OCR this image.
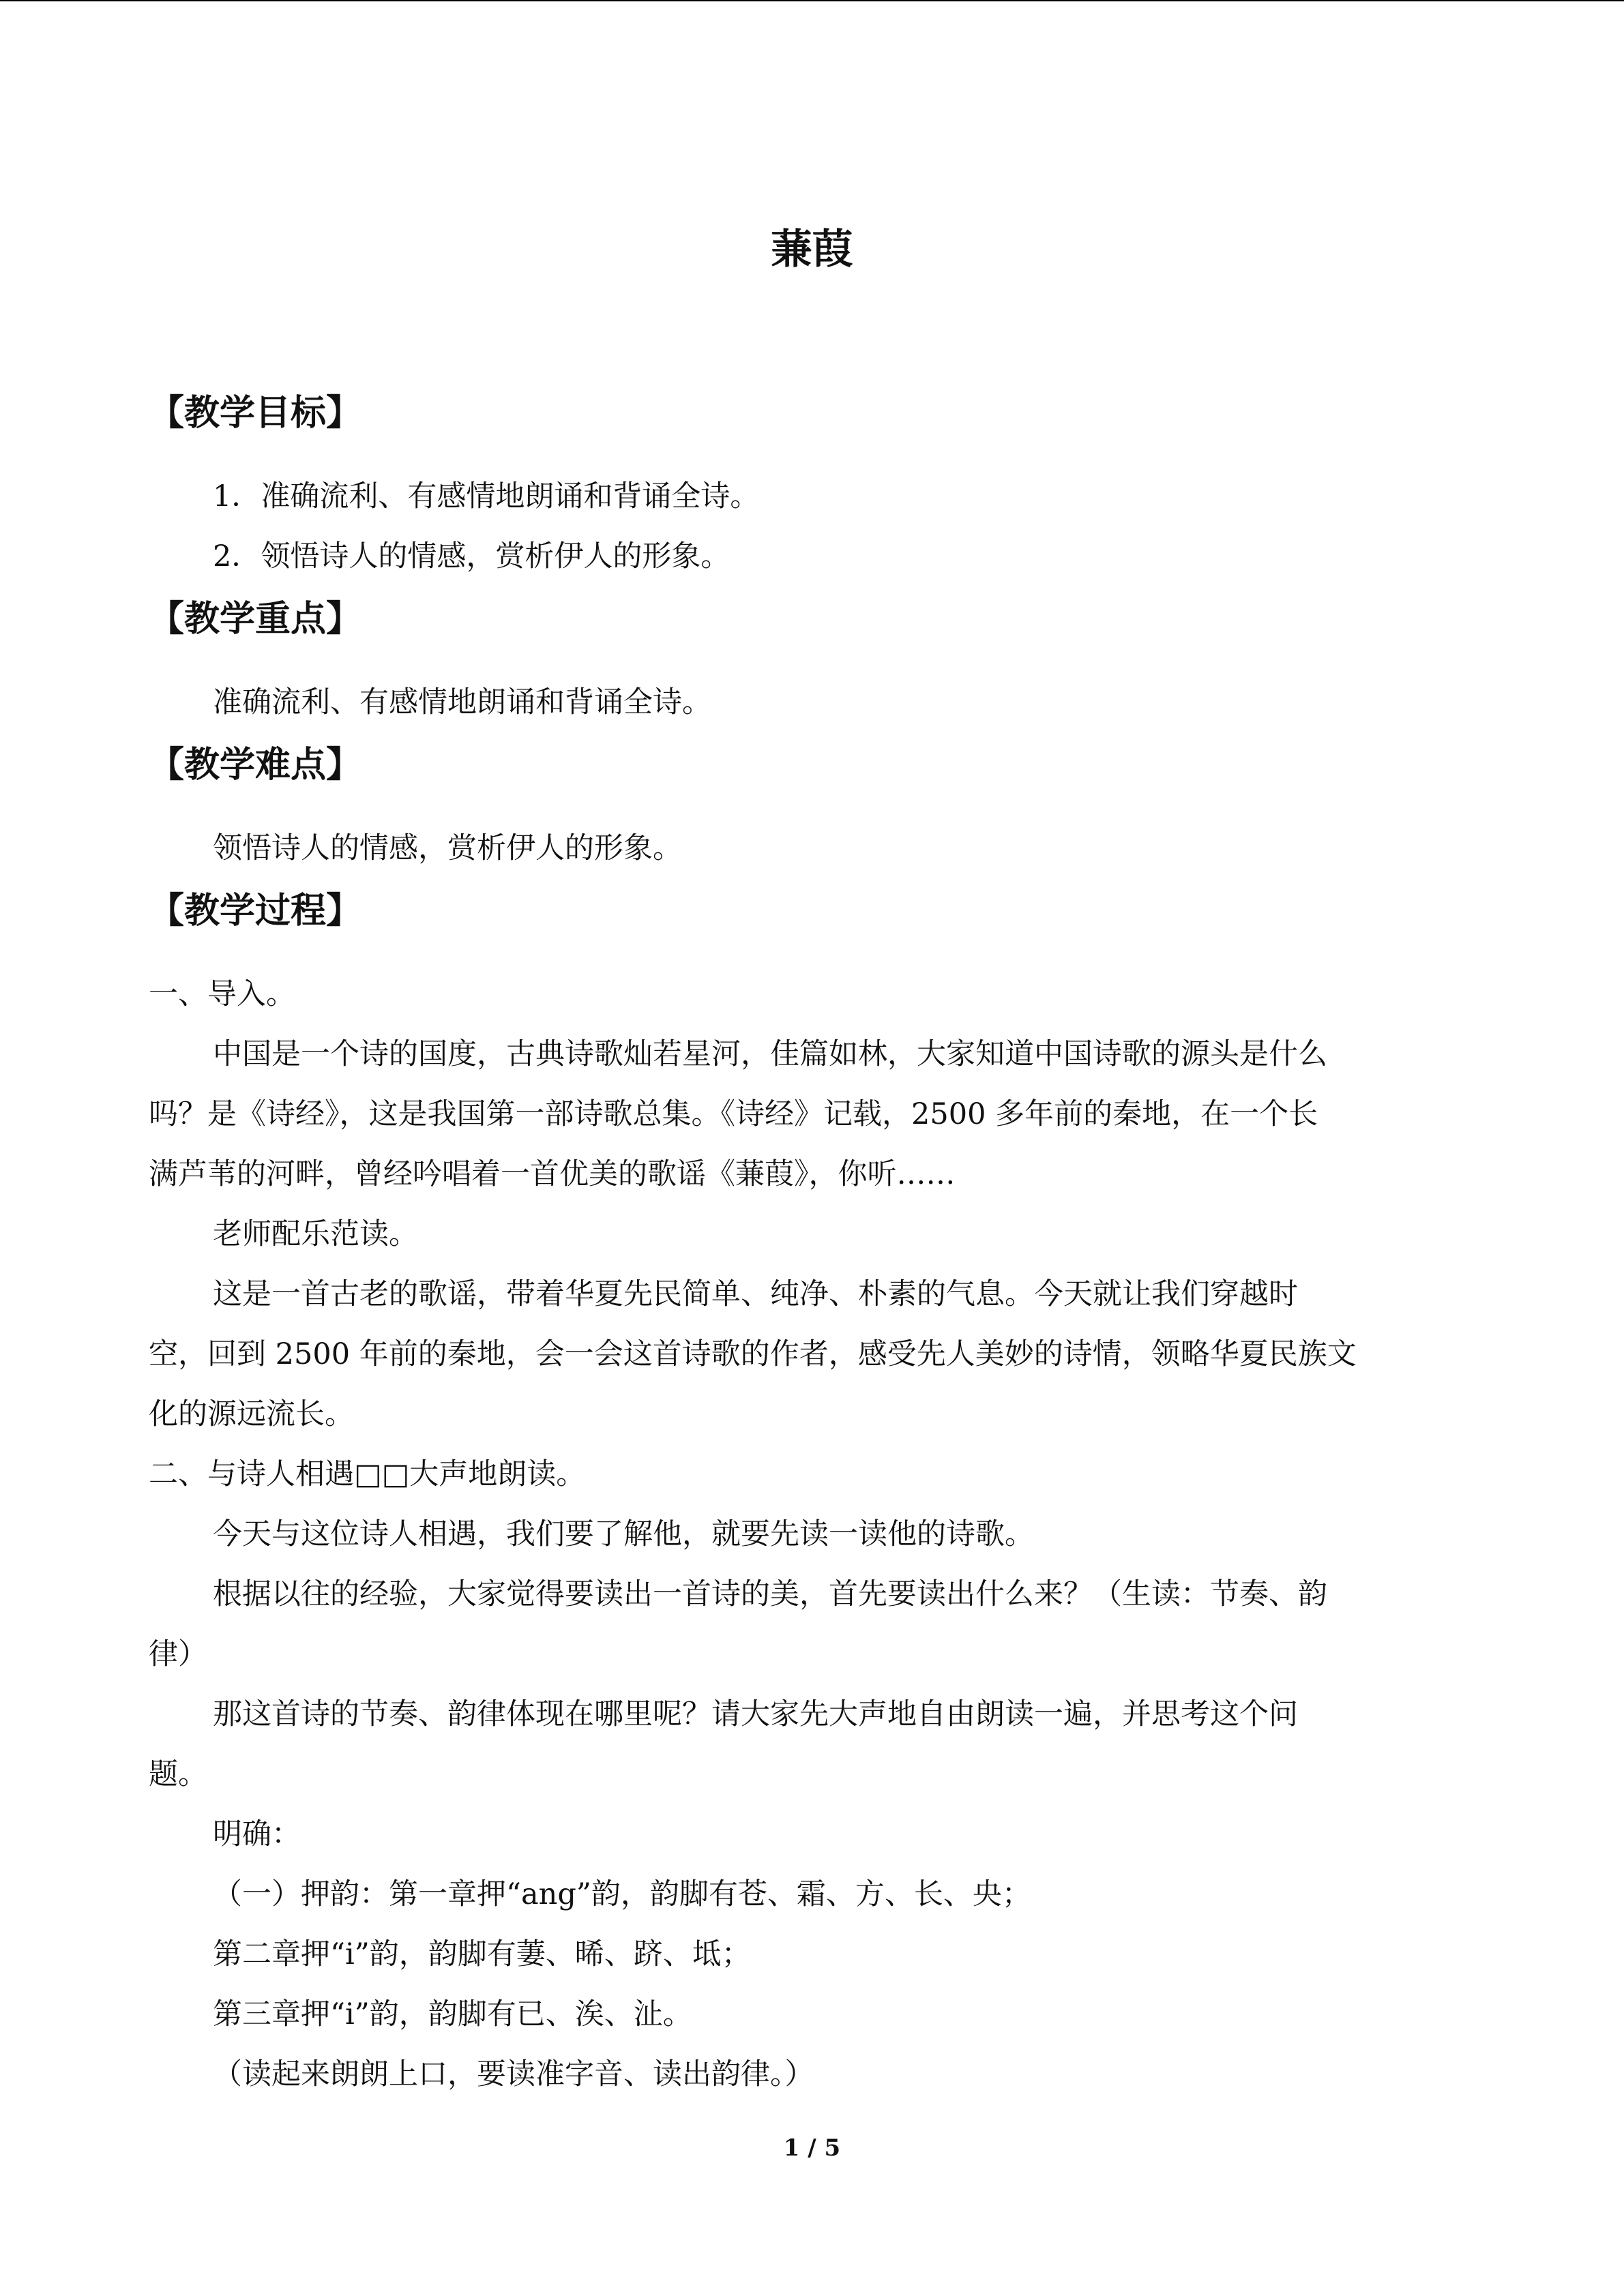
蒹葭
【教学目标】
1．准确流利、有感情地朗诵和背诵全诗。
2．领悟诗人的情感，赏析伊人的形象。
【教学重点】
准确流利、有感情地朗诵和背诵全诗。
【教学难点】
领悟诗人的情感，赏析伊人的形象。
【教学过程】
一、导入。
中国是一个诗的国度，古典诗歌灿若星河，佳篇如林，大家知道中国诗歌的源头是什么
吗？是《诗经》，这是我国第一部诗歌总集。《诗经》记载，2500 多年前的秦地，在一个长
满芦苇的河畔，曾经吟唱着一首优美的歌谣《蒹葭》，你听……
老师配乐范读。
这是一首古老的歌谣，带着华夏先民简单、纯净、朴素的气息。今天就让我们穿越时
空，回到 2500 年前的秦地，会一会这首诗歌的作者，感受先人美妙的诗情，领略华夏民族文
化的源远流长。
二、与诗人相遇□□大声地朗读。
今天与这位诗人相遇，我们要了解他，就要先读一读他的诗歌。
根据以往的经验，大家觉得要读出一首诗的美，首先要读出什么来？（生读：节奏、韵
律）
那这首诗的节奏、韵律体现在哪里呢？请大家先大声地自由朗读一遍，并思考这个问
题。
明确：
（一）押韵：第一章押“ang”韵，韵脚有苍、霜、方、长、央；
第二章押“i”韵，韵脚有萋、晞、跻、坻；
第三章押“i”韵，韵脚有已、涘、沚。
（读起来朗朗上口，要读准字音、读出韵律。）
1 / 5
